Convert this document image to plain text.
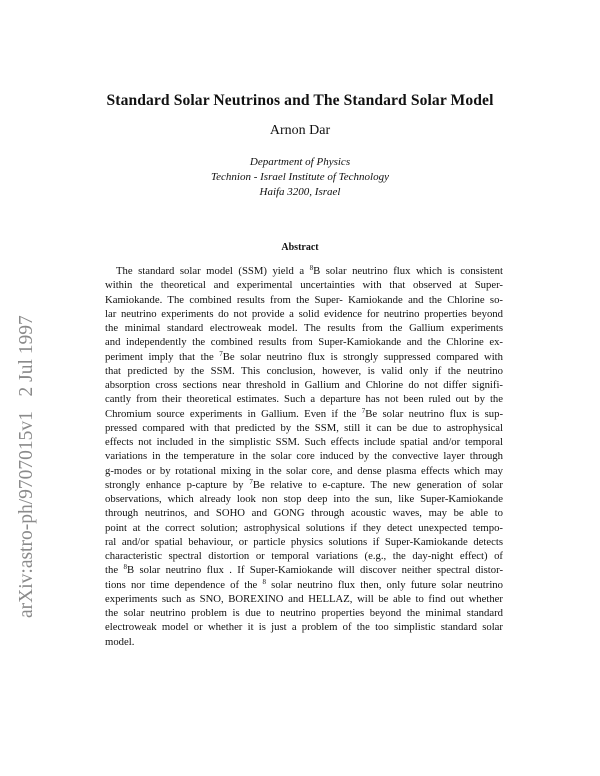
arXiv:astro-ph/9707015v1   2 Jul 1997
Standard Solar Neutrinos and The Standard Solar Model
Arnon Dar
Department of Physics
Technion - Israel Institute of Technology
Haifa 3200, Israel
Abstract
The standard solar model (SSM) yield a $^8$B solar neutrino flux which is consistent
within the theoretical and experimental uncertainties with that observed at Super-
Kamiokande. The combined results from the Super- Kamiokande and the Chlorine so-
lar neutrino experiments do not provide a solid evidence for neutrino properties beyond
the minimal standard electroweak model. The results from the Gallium experiments
and independently the combined results from Super-Kamiokande and the Chlorine ex-
periment imply that the $^7$Be solar neutrino flux is strongly suppressed compared with
that predicted by the SSM. This conclusion, however, is valid only if the neutrino
absorption cross sections near threshold in Gallium and Chlorine do not differ signifi-
cantly from their theoretical estimates. Such a departure has not been ruled out by the
Chromium source experiments in Gallium. Even if the $^7$Be solar neutrino flux is sup-
pressed compared with that predicted by the SSM, still it can be due to astrophysical
effects not included in the simplistic SSM. Such effects include spatial and/or temporal
variations in the temperature in the solar core induced by the convective layer through
g-modes or by rotational mixing in the solar core, and dense plasma effects which may
strongly enhance p-capture by $^7$Be relative to e-capture. The new generation of solar
observations, which already look non stop deep into the sun, like Super-Kamiokande
through neutrinos, and SOHO and GONG through acoustic waves, may be able to
point at the correct solution; astrophysical solutions if they detect unexpected tempo-
ral and/or spatial behaviour, or particle physics solutions if Super-Kamiokande detects
characteristic spectral distortion or temporal variations (e.g., the day-night effect) of
the $^8$B solar neutrino flux . If Super-Kamiokande will discover neither spectral distor-
tions nor time dependence of the $^8$ solar neutrino flux then, only future solar neutrino
experiments such as SNO, BOREXINO and HELLAZ, will be able to find out whether
the solar neutrino problem is due to neutrino properties beyond the minimal standard
electroweak model or whether it is just a problem of the too simplistic standard solar
model.
